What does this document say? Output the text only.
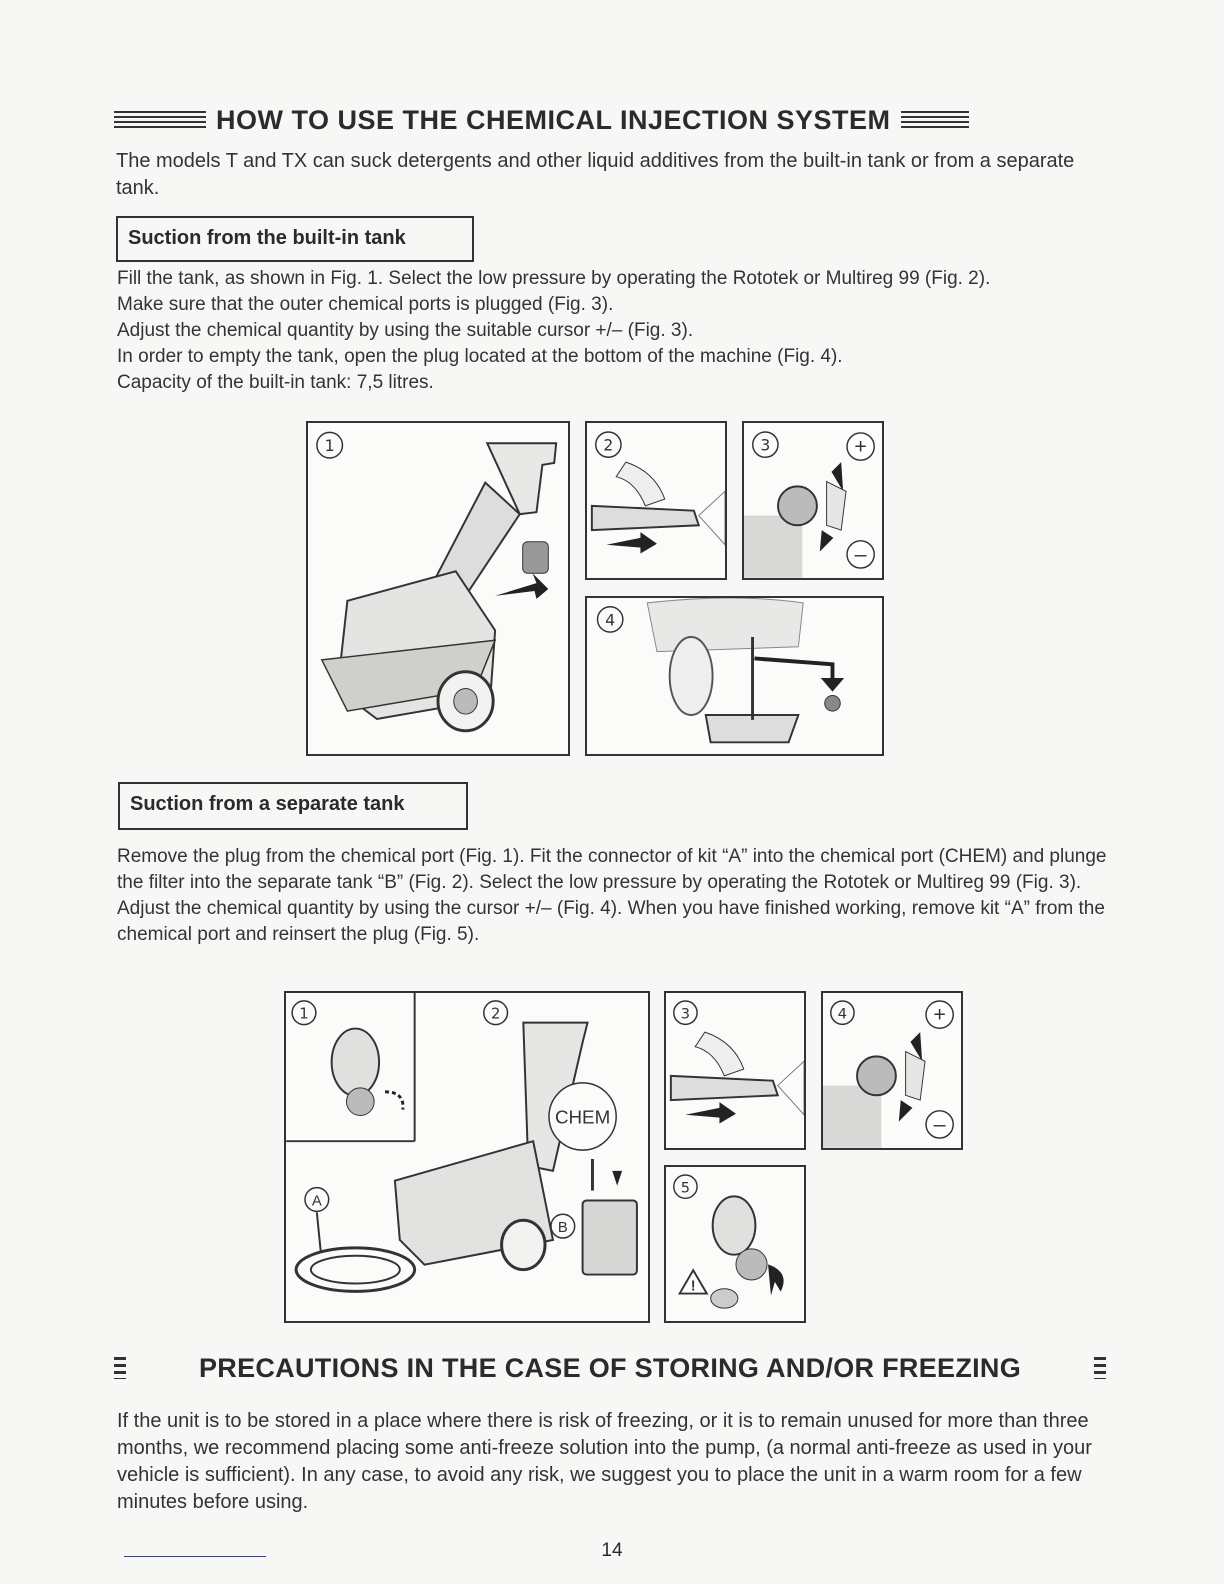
HOW TO USE THE CHEMICAL INJECTION SYSTEM
The models T and TX can suck detergents and other liquid additives from the built-in tank or from a separate tank.
Suction from the built-in tank

Fill the tank, as shown in Fig. 1. Select the low pressure by operating the Rototek or Multireg 99 (Fig. 2).

Make sure that the outer chemical ports is plugged (Fig. 3).

Adjust the chemical quantity by using the suitable cursor +/– (Fig. 3).

In order to empty the tank, open the plug located at the bottom of the machine (Fig. 4).

Capacity of the built-in tank: 7,5 litres.

1	2	3	+
–
4
Suction from a separate tank
Remove the plug from the chemical port (Fig. 1). Fit the connector of kit “A” into the chemical port (CHEM) and plunge the filter into the separate tank “B” (Fig. 2). Select the low pressure by operating the Rototek or Multireg 99 (Fig. 3). Adjust the chemical quantity by using the cursor +/– (Fig. 4). When you have finished working, remove kit “A” from the chemical port and reinsert the plug (Fig. 5).
1	2
CHEM
A
B
3	4	+
–
5
!
PRECAUTIONS IN THE CASE OF STORING AND/OR FREEZING
If the unit is to be stored in a place where there is risk of freezing, or it is to remain unused for more than three months, we recommend placing some anti-freeze solution into the pump, (a normal anti-freeze as used in your vehicle is sufficient). In any case, to avoid any risk, we suggest you to place the unit in a warm room for a few minutes before using.
14
